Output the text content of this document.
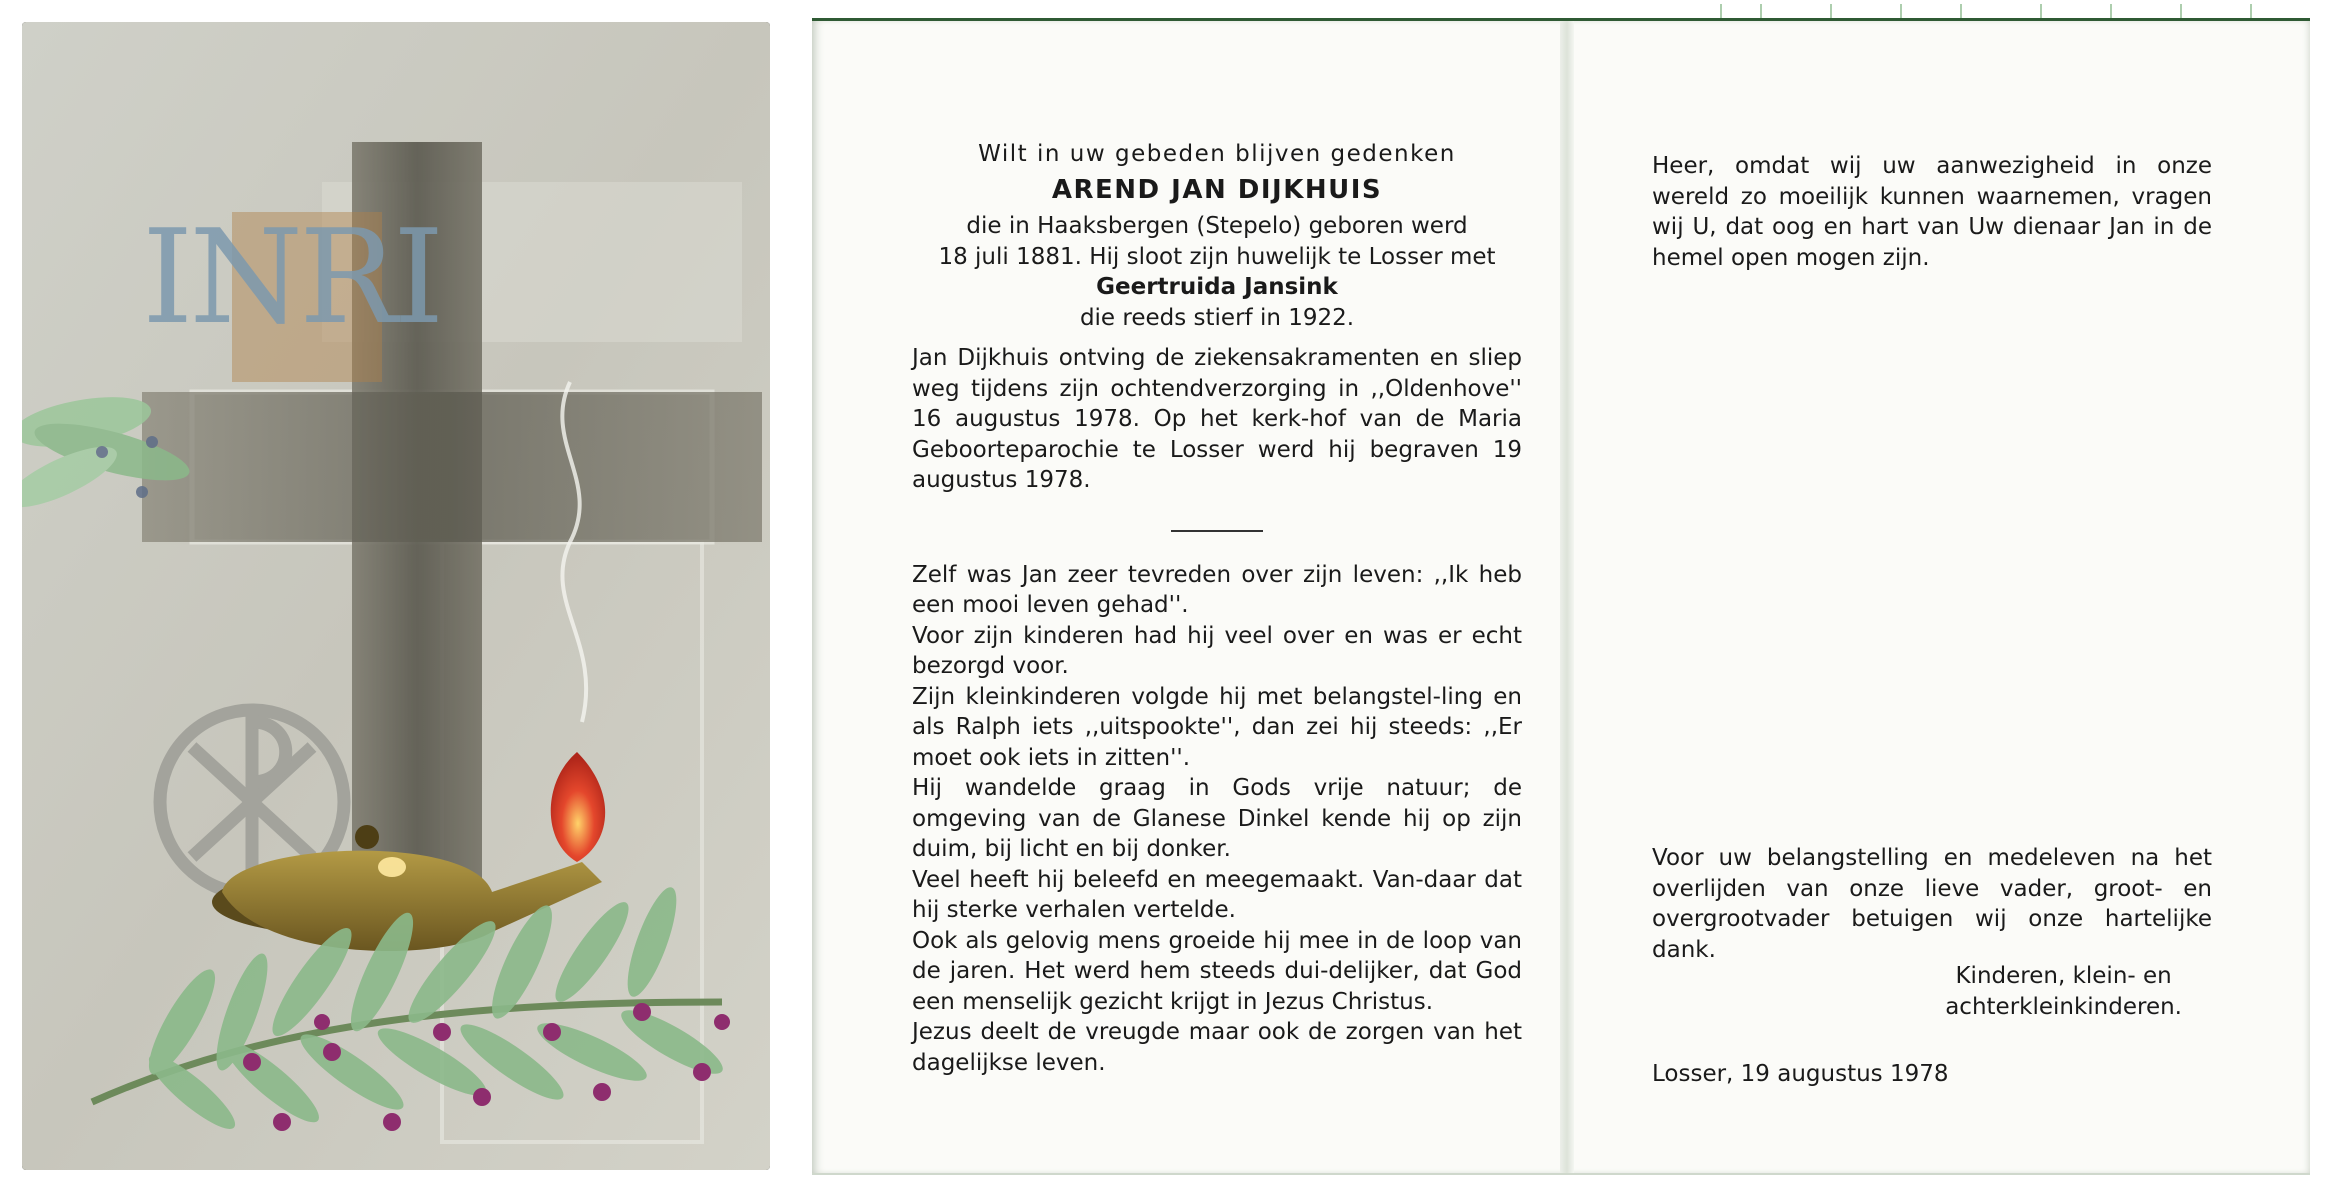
INRI

Wilt in uw gebeden blijven gedenken

AREND JAN DIJKHUIS

die in Haaksbergen (Stepelo) geboren werd
18 juli 1881. Hij sloot zijn huwelijk te Losser met
Geertruida Jansink
die reeds stierf in 1922.

Jan Dijkhuis ontving de ziekensakramenten en sliep weg tijdens zijn ochtendverzorging in ,,Oldenhove'' 16 augustus 1978. Op het kerk-hof van de Maria Geboorteparochie te Losser werd hij begraven 19 augustus 1978.

Zelf was Jan zeer tevreden over zijn leven: ,,Ik heb een mooi leven gehad''.

Voor zijn kinderen had hij veel over en was er echt bezorgd voor.

Zijn kleinkinderen volgde hij met belangstel-ling en als Ralph iets ,,uitspookte'', dan zei hij steeds: ,,Er moet ook iets in zitten''.

Hij wandelde graag in Gods vrije natuur; de omgeving van de Glanese Dinkel kende hij op zijn duim, bij licht en bij donker.

Veel heeft hij beleefd en meegemaakt. Van-daar dat hij sterke verhalen vertelde.

Ook als gelovig mens groeide hij mee in de loop van de jaren. Het werd hem steeds dui-delijker, dat God een menselijk gezicht krijgt in Jezus Christus.

Jezus deelt de vreugde maar ook de zorgen van het dagelijkse leven.

Heer, omdat wij uw aanwezigheid in onze wereld zo moeilijk kunnen waarnemen, vragen wij U, dat oog en hart van Uw dienaar Jan in de hemel open mogen zijn.

Voor uw belangstelling en medeleven na het overlijden van onze lieve vader, groot- en overgrootvader betuigen wij onze hartelijke dank.

Kinderen, klein- en
achterkleinkinderen.
Losser, 19 augustus 1978
